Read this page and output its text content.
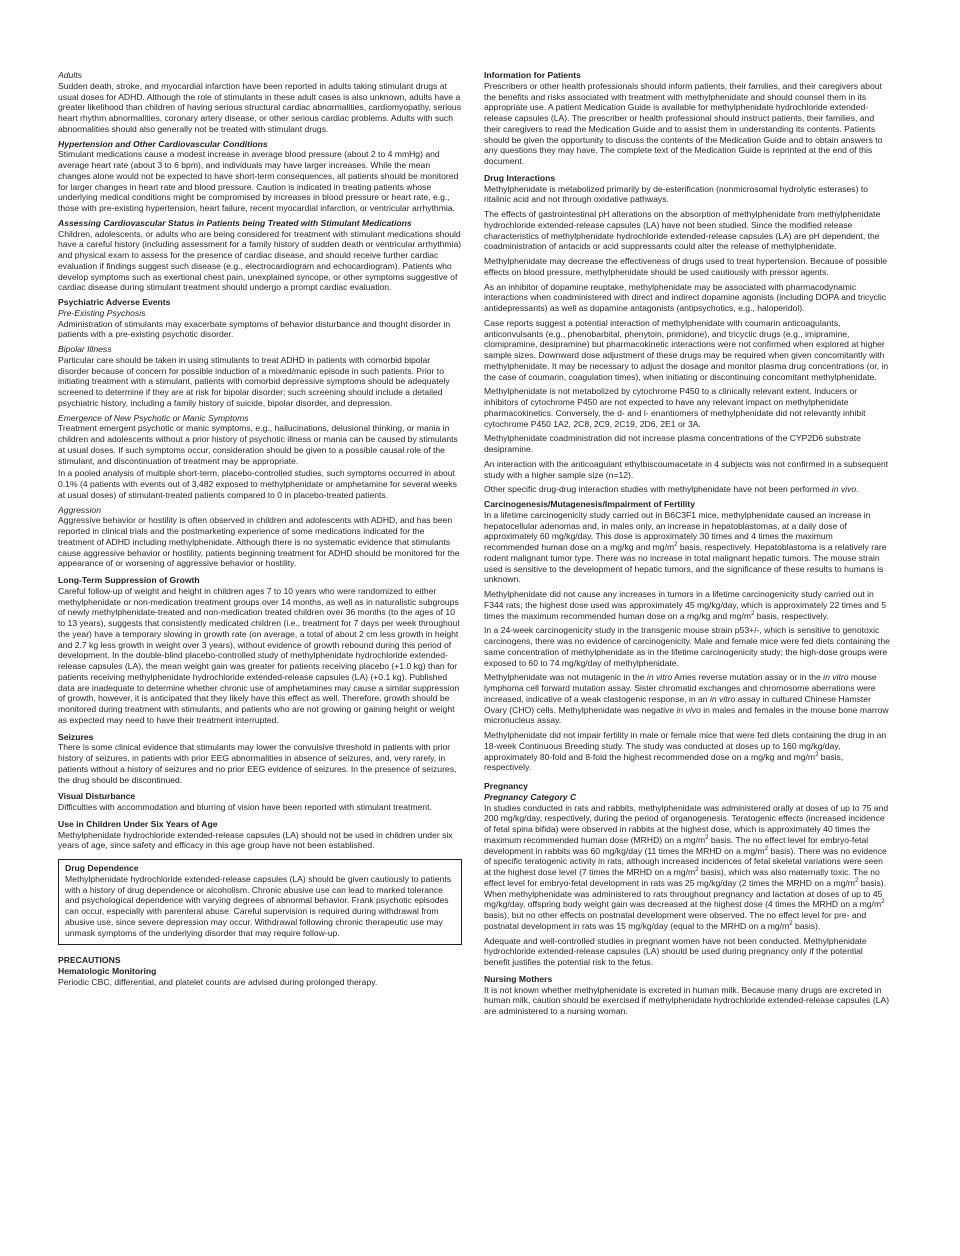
Adults

Sudden death, stroke, and myocardial infarction have been reported in adults taking stimulant drugs at usual doses for ADHD. Although the role of stimulants in these adult cases is also unknown, adults have a greater likelihood than children of having serious structural cardiac abnormalities, cardiomyopathy, serious heart rhythm abnormalities, coronary artery disease, or other serious cardiac problems. Adults with such abnormalities should also generally not be treated with stimulant drugs.

Hypertension and Other Cardiovascular Conditions

Stimulant medications cause a modest increase in average blood pressure (about 2 to 4 mmHg) and average heart rate (about 3 to 6 bpm), and individuals may have larger increases. While the mean changes alone would not be expected to have short-term consequences, all patients should be monitored for larger changes in heart rate and blood pressure. Caution is indicated in treating patients whose underlying medical conditions might be compromised by increases in blood pressure or heart rate, e.g., those with pre-existing hypertension, heart failure, recent myocardial infarction, or ventricular arrhythmia.

Assessing Cardiovascular Status in Patients being Treated with Stimulant Medications

Children, adolescents, or adults who are being considered for treatment with stimulant medications should have a careful history (including assessment for a family history of sudden death or ventricular arrhythmia) and physical exam to assess for the presence of cardiac disease, and should receive further cardiac evaluation if findings suggest such disease (e.g., electrocardiogram and echocardiogram). Patients who develop symptoms such as exertional chest pain, unexplained syncope, or other symptoms suggestive of cardiac disease during stimulant treatment should undergo a prompt cardiac evaluation.

Psychiatric Adverse Events
Pre-Existing Psychosis

Administration of stimulants may exacerbate symptoms of behavior disturbance and thought disorder in patients with a pre-existing psychotic disorder.

Bipolar Illness

Particular care should be taken in using stimulants to treat ADHD in patients with comorbid bipolar disorder because of concern for possible induction of a mixed/manic episode in such patients. Prior to initiating treatment with a stimulant, patients with comorbid depressive symptoms should be adequately screened to determine if they are at risk for bipolar disorder; such screening should include a detailed psychiatric history, including a family history of suicide, bipolar disorder, and depression.

Emergence of New Psychotic or Manic Symptoms

Treatment emergent psychotic or manic symptoms, e.g., hallucinations, delusional thinking, or mania in children and adolescents without a prior history of psychotic illness or mania can be caused by stimulants at usual doses. If such symptoms occur, consideration should be given to a possible causal role of the stimulant, and discontinuation of treatment may be appropriate.

In a pooled analysis of multiple short-term, placebo-controlled studies, such symptoms occurred in about 0.1% (4 patients with events out of 3,482 exposed to methylphenidate or amphetamine for several weeks at usual doses) of stimulant-treated patients compared to 0 in placebo-treated patients.

Aggression

Aggressive behavior or hostility is often observed in children and adolescents with ADHD, and has been reported in clinical trials and the postmarketing experience of some medications indicated for the treatment of ADHD including methylphenidate. Although there is no systematic evidence that stimulants cause aggressive behavior or hostility, patients beginning treatment for ADHD should be monitored for the appearance of or worsening of aggressive behavior or hostility.

Long-Term Suppression of Growth

Careful follow-up of weight and height in children ages 7 to 10 years who were randomized to either methylphenidate or non-medication treatment groups over 14 months, as well as in naturalistic subgroups of newly methylphenidate-treated and non-medication treated children over 36 months (to the ages of 10 to 13 years), suggests that consistently medicated children (i.e., treatment for 7 days per week throughout the year) have a temporary slowing in growth rate (on average, a total of about 2 cm less growth in height and 2.7 kg less growth in weight over 3 years), without evidence of growth rebound during this period of development. In the double-blind placebo-controlled study of methylphenidate hydrochloride extended-release capsules (LA), the mean weight gain was greater for patients receiving placebo (+1.0 kg) than for patients receiving methylphenidate hydrochloride extended-release capsules (LA) (+0.1 kg). Published data are inadequate to determine whether chronic use of amphetamines may cause a similar suppression of growth, however, it is anticipated that they likely have this effect as well. Therefore, growth should be monitored during treatment with stimulants, and patients who are not growing or gaining height or weight as expected may need to have their treatment interrupted.

Seizures

There is some clinical evidence that stimulants may lower the convulsive threshold in patients with prior history of seizures, in patients with prior EEG abnormalities in absence of seizures, and, very rarely, in patients without a history of seizures and no prior EEG evidence of seizures. In the presence of seizures, the drug should be discontinued.

Visual Disturbance

Difficulties with accommodation and blurring of vision have been reported with stimulant treatment.

Use in Children Under Six Years of Age

Methylphenidate hydrochloride extended-release capsules (LA) should not be used in children under six years of age, since safety and efficacy in this age group have not been established.

Drug Dependence

Methylphenidate hydrochloride extended-release capsules (LA) should be given cautiously to patients with a history of drug dependence or alcoholism. Chronic abusive use can lead to marked tolerance and psychological dependence with varying degrees of abnormal behavior. Frank psychotic episodes can occur, especially with parenteral abuse. Careful supervision is required during withdrawal from abusive use, since severe depression may occur. Withdrawal following chronic therapeutic use may unmask symptoms of the underlying disorder that may require follow-up.

PRECAUTIONS
Hematologic Monitoring

Periodic CBC, differential, and platelet counts are advised during prolonged therapy.

Information for Patients

Prescribers or other health professionals should inform patients, their families, and their caregivers about the benefits and risks associated with treatment with methylphenidate and should counsel them in its appropriate use. A patient Medication Guide is available for methylphenidate hydrochloride extended-release capsules (LA). The prescriber or health professional should instruct patients, their families, and their caregivers to read the Medication Guide and to assist them in understanding its contents. Patients should be given the opportunity to discuss the contents of the Medication Guide and to obtain answers to any questions they may have. The complete text of the Medication Guide is reprinted at the end of this document.

Drug Interactions

Methylphenidate is metabolized primarily by de-esterification (nonmicrosomal hydrolytic esterases) to ritalinic acid and not through oxidative pathways.

The effects of gastrointestinal pH alterations on the absorption of methylphenidate from methylphenidate hydrochloride extended-release capsules (LA) have not been studied. Since the modified release characteristics of methylphenidate hydrochloride extended-release capsules (LA) are pH dependent, the coadministration of antacids or acid suppressants could alter the release of methylphenidate.

Methylphenidate may decrease the effectiveness of drugs used to treat hypertension. Because of possible effects on blood pressure, methylphenidate should be used cautiously with pressor agents.

As an inhibitor of dopamine reuptake, methylphenidate may be associated with pharmacodynamic interactions when coadministered with direct and indirect dopamine agonists (including DOPA and tricyclic antidepressants) as well as dopamine antagonists (antipsychotics, e.g., haloperidol).

Case reports suggest a potential interaction of methylphenidate with coumarin anticoagulants, anticonvulsants (e.g., phenobarbital, phenytoin, primidone), and tricyclic drugs (e.g., imipramine, clomipramine, desipramine) but pharmacokinetic interactions were not confirmed when explored at higher sample sizes. Downward dose adjustment of these drugs may be required when given concomitantly with methylphenidate. It may be necessary to adjust the dosage and monitor plasma drug concentrations (or, in the case of coumarin, coagulation times), when initiating or discontinuing concomitant methylphenidate.

Methylphenidate is not metabolized by cytochrome P450 to a clinically relevant extent. Inducers or inhibitors of cytochrome P450 are not expected to have any relevant impact on methylphenidate pharmacokinetics. Conversely, the d- and l- enantiomers of methylphenidate did not relevantly inhibit cytochrome P450 1A2, 2C8, 2C9, 2C19, 2D6, 2E1 or 3A.

Methylphenidate coadministration did not increase plasma concentrations of the CYP2D6 substrate desipramine.

An interaction with the anticoagulant ethylbiscoumacetate in 4 subjects was not confirmed in a subsequent study with a higher sample size (n=12).

Other specific drug-drug interaction studies with methylphenidate have not been performed in vivo.

Carcinogenesis/Mutagenesis/Impairment of Fertility

In a lifetime carcinogenicity study carried out in B6C3F1 mice, methylphenidate caused an increase in hepatocellular adenomas and, in males only, an increase in hepatoblastomas, at a daily dose of approximately 60 mg/kg/day. This dose is approximately 30 times and 4 times the maximum recommended human dose on a mg/kg and $mg/m^2$ basis, respectively. Hepatoblastoma is a relatively rare rodent malignant tumor type. There was no increase in total malignant hepatic tumors. The mouse strain used is sensitive to the development of hepatic tumors, and the significance of these results to humans is unknown.

Methylphenidate did not cause any increases in tumors in a lifetime carcinogenicity study carried out in F344 rats; the highest dose used was approximately 45 mg/kg/day, which is approximately 22 times and 5 times the maximum recommended human dose on a mg/kg and $mg/m^2$ basis, respectively.

In a 24-week carcinogenicity study in the transgenic mouse strain p53+/-, which is sensitive to genotoxic carcinogens, there was no evidence of carcinogenicity. Male and female mice were fed diets containing the same concentration of methylphenidate as in the lifetime carcinogenicity study; the high-dose groups were exposed to 60 to 74 mg/kg/day of methylphenidate.

Methylphenidate was not mutagenic in the in vitro Ames reverse mutation assay or in the in vitro mouse lymphoma cell forward mutation assay. Sister chromatid exchanges and chromosome aberrations were increased, indicative of a weak clastogenic response, in an in vitro assay in cultured Chinese Hamster Ovary (CHO) cells. Methylphenidate was negative in vivo in males and females in the mouse bone marrow micronucleus assay.

Methylphenidate did not impair fertility in male or female mice that were fed diets containing the drug in an 18-week Continuous Breeding study. The study was conducted at doses up to 160 mg/kg/day, approximately 80-fold and 8-fold the highest recommended dose on a mg/kg and $mg/m^2$ basis, respectively.

Pregnancy
Pregnancy Category C

In studies conducted in rats and rabbits, methylphenidate was administered orally at doses of up to 75 and 200 mg/kg/day, respectively, during the period of organogenesis. Teratogenic effects (increased incidence of fetal spina bifida) were observed in rabbits at the highest dose, which is approximately 40 times the maximum recommended human dose (MRHD) on a $mg/m^2$ basis. The no effect level for embryo-fetal development in rabbits was 60 mg/kg/day (11 times the MRHD on a $mg/m^2$ basis). There was no evidence of specific teratogenic activity in rats, although increased incidences of fetal skeletal variations were seen at the highest dose level (7 times the MRHD on a $mg/m^2$ basis), which was also maternally toxic. The no effect level for embryo-fetal development in rats was 25 mg/kg/day (2 times the MRHD on a $mg/m^2$ basis). When methylphenidate was administered to rats throughout pregnancy and lactation at doses of up to 45 mg/kg/day, offspring body weight gain was decreased at the highest dose (4 times the MRHD on a $mg/m^2$ basis), but no other effects on postnatal development were observed. The no effect level for pre- and postnatal development in rats was 15 mg/kg/day (equal to the MRHD on a $mg/m^2$ basis).

Adequate and well-controlled studies in pregnant women have not been conducted. Methylphenidate hydrochloride extended-release capsules (LA) should be used during pregnancy only if the potential benefit justifies the potential risk to the fetus.

Nursing Mothers

It is not known whether methylphenidate is excreted in human milk. Because many drugs are excreted in human milk, caution should be exercised if methylphenidate hydrochloride extended-release capsules (LA) are administered to a nursing woman.
